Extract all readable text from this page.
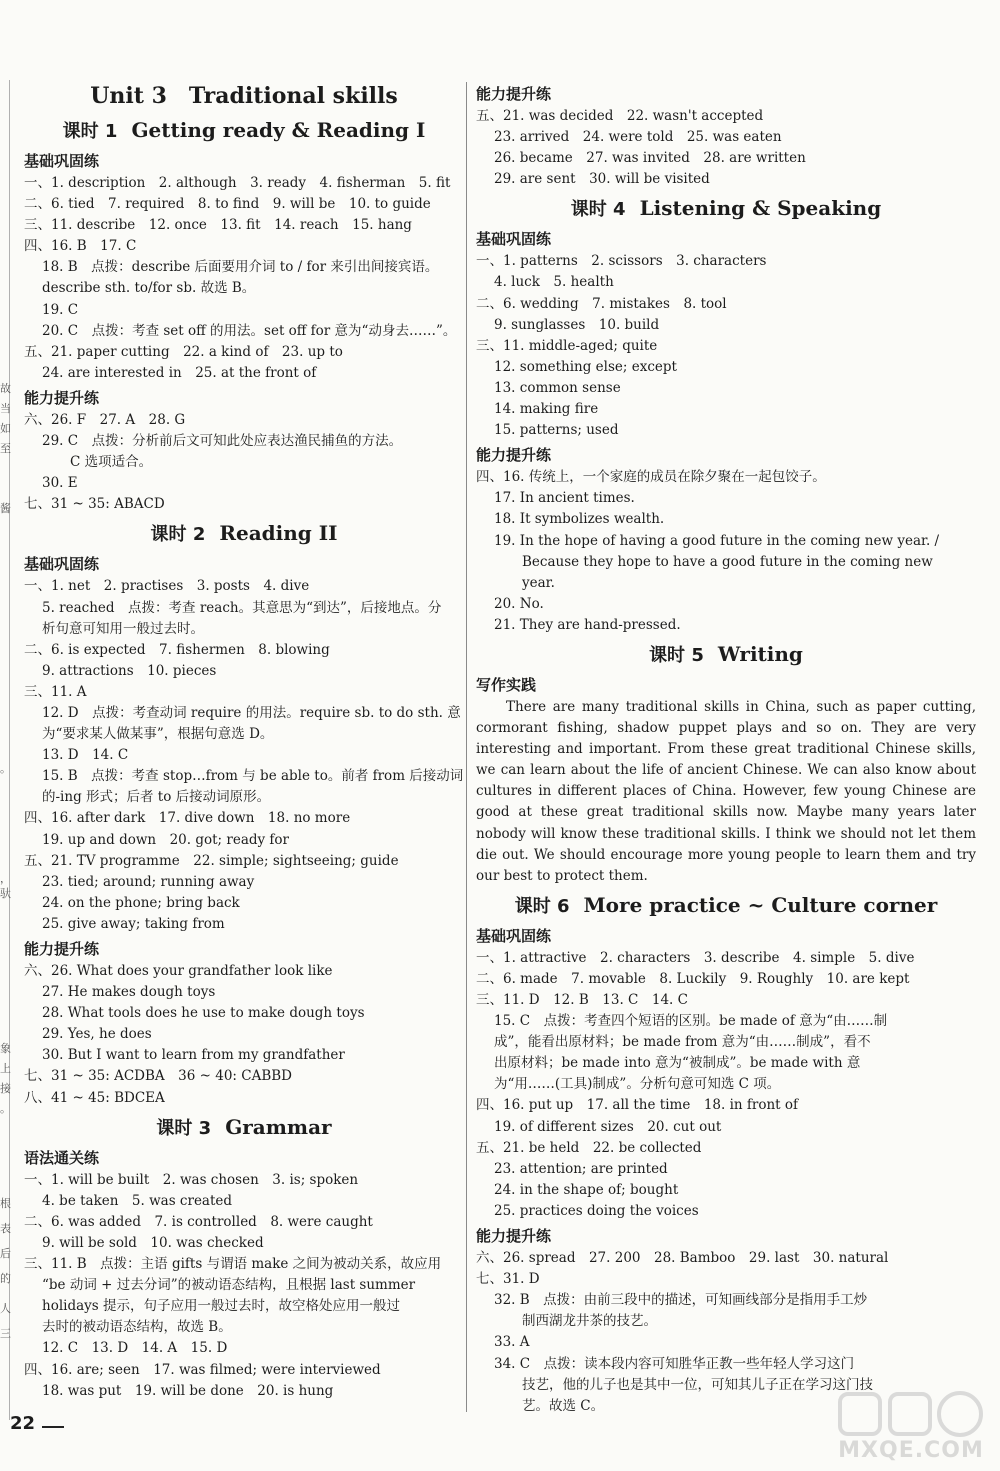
Unit 3　Traditional skills
课时 1 Getting ready & Reading I
基础巩固练
一、1. description　2. although　3. ready　4. fisherman　5. fit
二、6. tied　7. required　8. to find　9. will be　10. to guide
三、11. describe　12. once　13. fit　14. reach　15. hang
四、16. B　17. C
18. B　点拨：describe 后面要用介词 to / for 来引出间接宾语。
describe sth. to/for sb. 故选 B。
19. C
20. C　点拨：考查 set off 的用法。set off for 意为“动身去……”。
五、21. paper cutting　22. a kind of　23. up to
24. are interested in　25. at the front of
能力提升练
六、26. F　27. A　28. G
29. C　点拨：分析前后文可知此处应表达渔民捕鱼的方法。
C 选项适合。
30. E
七、31 ~ 35: ABACD
课时 2 Reading II
基础巩固练
一、1. net　2. practises　3. posts　4. dive
5. reached　点拨：考查 reach。其意思为“到达”，后接地点。分
析句意可知用一般过去时。
二、6. is expected　7. fishermen　8. blowing
9. attractions　10. pieces
三、11. A
12. D　点拨：考查动词 require 的用法。require sb. to do sth. 意
为“要求某人做某事”，根据句意选 D。
13. D　14. C
15. B　点拨：考查 stop…from 与 be able to。前者 from 后接动词
的-ing 形式；后者 to 后接动词原形。
四、16. after dark　17. dive down　18. no more
19. up and down　20. got; ready for
五、21. TV programme　22. simple; sightseeing; guide
23. tied; around; running away
24. on the phone; bring back
25. give away; taking from
能力提升练
六、26. What does your grandfather look like
27. He makes dough toys
28. What tools does he use to make dough toys
29. Yes, he does
30. But I want to learn from my grandfather
七、31 ~ 35: ACDBA　36 ~ 40: CABBD
八、41 ~ 45: BDCEA
课时 3 Grammar
语法通关练
一、1. will be built　2. was chosen　3. is; spoken
4. be taken　5. was created
二、6. was added　7. is controlled　8. were caught
9. will be sold　10. was checked
三、11. B　点拨：主语 gifts 与谓语 make 之间为被动关系，故应用
“be 动词 + 过去分词”的被动语态结构，且根据 last summer
holidays 提示，句子应用一般过去时，故空格处应用一般过
去时的被动语态结构，故选 B。
12. C　13. D　14. A　15. D
四、16. are; seen　17. was filmed; were interviewed
18. was put　19. will be done　20. is hung
能力提升练
五、21. was decided　22. wasn't accepted
23. arrived　24. were told　25. was eaten
26. became　27. was invited　28. are written
29. are sent　30. will be visited
课时 4 Listening & Speaking
基础巩固练
一、1. patterns　2. scissors　3. characters
4. luck　5. health
二、6. wedding　7. mistakes　8. tool
9. sunglasses　10. build
三、11. middle-aged; quite
12. something else; except
13. common sense
14. making fire
15. patterns; used
能力提升练
四、16. 传统上，一个家庭的成员在除夕聚在一起包饺子。
17. In ancient times.
18. It symbolizes wealth.
19. In the hope of having a good future in the coming new year. /
Because they hope to have a good future in the coming new
year.
20. No.
21. They are hand-pressed.
课时 5 Writing
写作实践
There are many traditional skills in China, such as paper cutting, cormorant fishing, shadow puppet plays and so on. They are very interesting and important. From these great traditional Chinese skills, we can learn about the life of ancient Chinese. We can also know about cultures in different places of China. However, few young Chinese are good at these great traditional skills now. Maybe many years later nobody will know these traditional skills. I think we should not let them die out. We should encourage more young people to learn them and try our best to protect them.
课时 6 More practice ~ Culture corner
基础巩固练
一、1. attractive　2. characters　3. describe　4. simple　5. dive
二、6. made　7. movable　8. Luckily　9. Roughly　10. are kept
三、11. D　12. B　13. C　14. C
15. C　点拨：考查四个短语的区别。be made of 意为“由……制
成”，能看出原材料；be made from 意为“由……制成”，看不
出原材料；be made into 意为“被制成”。be made with 意
为“用……(工具)制成”。分析句意可知选 C 项。
四、16. put up　17. all the time　18. in front of
19. of different sizes　20. cut out
五、21. be held　22. be collected
23. attention; are printed
24. in the shape of; bought
25. practices doing the voices
能力提升练
六、26. spread　27. 200　28. Bamboo　29. last　30. natural
七、31. D
32. B　点拨：由前三段中的描述，可知画线部分是指用手工炒
制西湖龙井茶的技艺。
33. A
34. C　点拨：读本段内容可知胜华正教一些年轻人学习这门
技艺，他的儿子也是其中一位，可知其儿子正在学习这门技
艺。故选 C。
故
当
如
至
酱
。
，
驮
象
上
接
。
根
表
后
的
人
三
22
MXQE.COM
